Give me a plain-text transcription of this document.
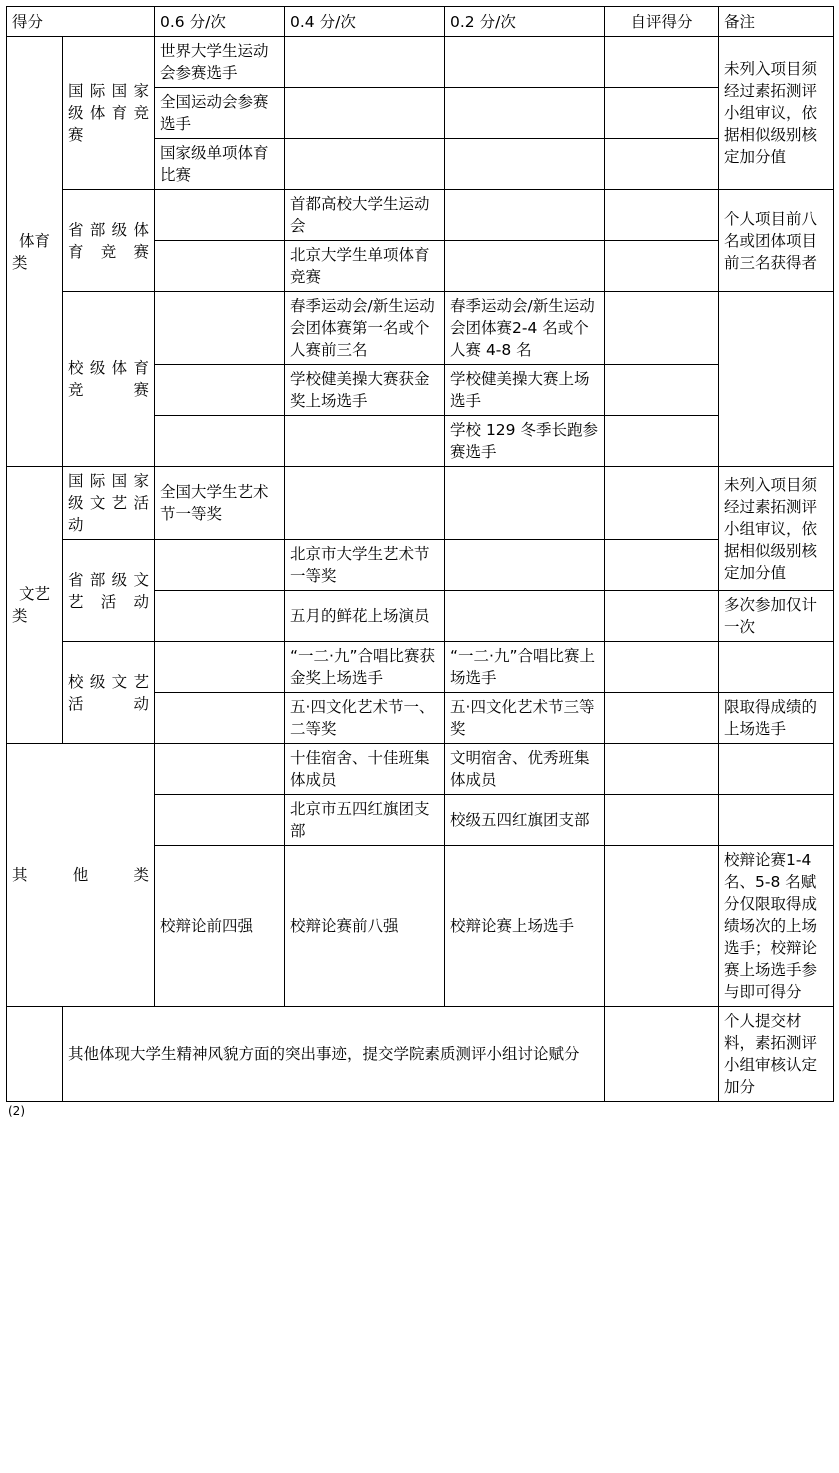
得分		0.6 分/次	0.4 分/次	0.2 分/次	自评得分	备注
体育类	国 际 国 家 级 体 育 竞 赛	世界大学生运动会参赛选手				未列入项目须经过素拓测评小组审议，依据相似级别核定加分值
		全国运动会参赛选手				
		国家级单项体育比赛				
	省 部 级 体 育 竞 赛		首都高校大学生运动会			个人项目前八名或团体项目前三名获得者
			北京大学生单项体育竞赛			
	校 级 体 育 竞 赛		春季运动会/新生运动会团体赛第一名或个人赛前三名	春季运动会/新生运动会团体赛2-4 名或个人赛 4-8 名		
			学校健美操大赛获金奖上场选手	学校健美操大赛上场选手		
				学校 129 冬季长跑参赛选手		
文艺类	国 际 国 家 级 文 艺 活 动	全国大学生艺术节一等奖				未列入项目须经过素拓测评小组审议，依据相似级别核定加分值
	省 部 级 文 艺 活 动		北京市大学生艺术节一等奖			
			五月的鲜花上场演员			多次参加仅计一次
	校 级 文 艺 活 动		“一二·九”合唱比赛获金奖上场选手	“一二·九”合唱比赛上场选手		
			五·四文化艺术节一、二等奖	五·四文化艺术节三等奖		限取得成绩的上场选手
其他类			十佳宿舍、十佳班集体成员	文明宿舍、优秀班集体成员		
			北京市五四红旗团支部	校级五四红旗团支部		
		校辩论前四强	校辩论赛前八强	校辩论赛上场选手		校辩论赛1-4 名、5-8 名赋分仅限取得成绩场次的上场选手；校辩论赛上场选手参与即可得分
	其他体现大学生精神风貌方面的突出事迹，提交学院素质测评小组讨论赋分					个人提交材料，素拓测评小组审核认定加分
(2)
